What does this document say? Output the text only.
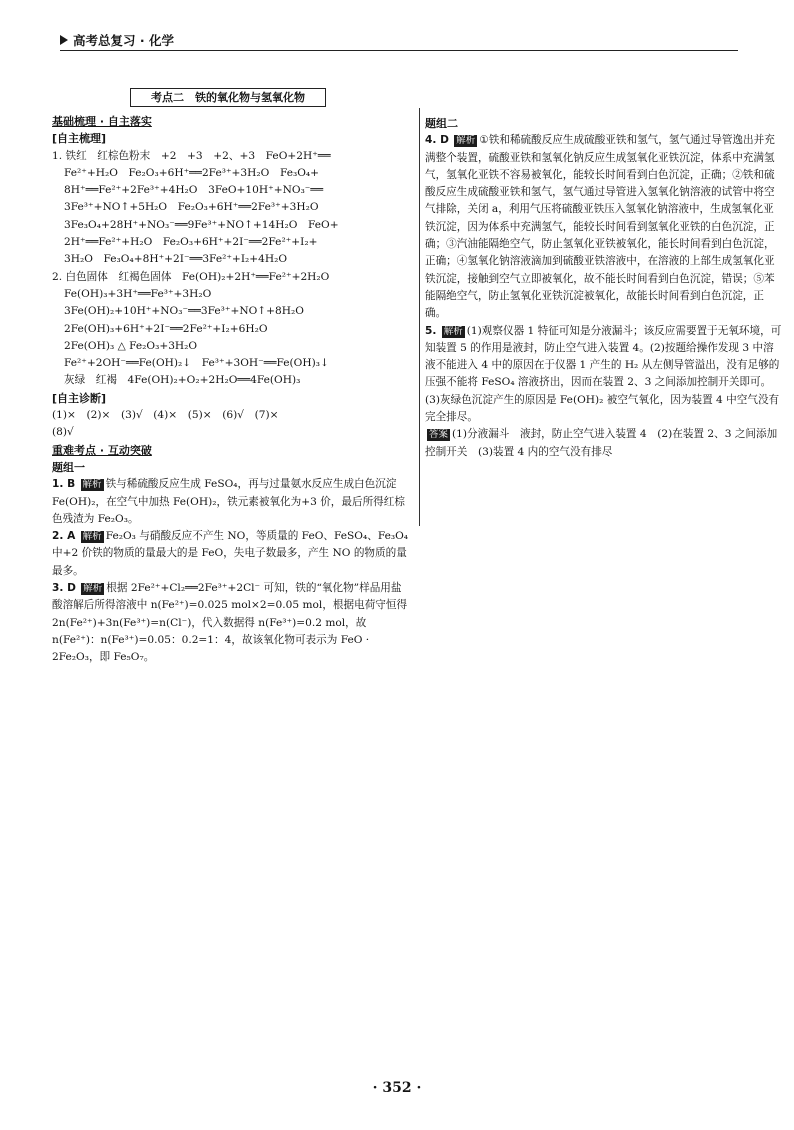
高考总复习 · 化学
考点二　铁的氧化物与氢氧化物
基础梳理 · 自主落实
[自主梳理]
1. 铁红　红棕色粉末　+2　+3　+2、+3　FeO+2H⁺══
Fe²⁺+H₂O　Fe₂O₃+6H⁺══2Fe³⁺+3H₂O　Fe₃O₄+
8H⁺══Fe²⁺+2Fe³⁺+4H₂O　3FeO+10H⁺+NO₃⁻══
3Fe³⁺+NO↑+5H₂O　Fe₂O₃+6H⁺══2Fe³⁺+3H₂O
3Fe₃O₄+28H⁺+NO₃⁻══9Fe³⁺+NO↑+14H₂O　FeO+
2H⁺══Fe²⁺+H₂O　Fe₂O₃+6H⁺+2I⁻══2Fe²⁺+I₂+
3H₂O　Fe₃O₄+8H⁺+2I⁻══3Fe²⁺+I₂+4H₂O
2. 白色固体　红褐色固体　Fe(OH)₂+2H⁺══Fe²⁺+2H₂O
Fe(OH)₃+3H⁺══Fe³⁺+3H₂O
3Fe(OH)₂+10H⁺+NO₃⁻══3Fe³⁺+NO↑+8H₂O
2Fe(OH)₃+6H⁺+2I⁻══2Fe²⁺+I₂+6H₂O
2Fe(OH)₃ △ Fe₂O₃+3H₂O
Fe²⁺+2OH⁻══Fe(OH)₂↓　Fe³⁺+3OH⁻══Fe(OH)₃↓
灰绿　红褐　4Fe(OH)₂+O₂+2H₂O══4Fe(OH)₃
[自主诊断]
(1)×　(2)×　(3)√　(4)×　(5)×　(6)√　(7)×
(8)√
重难考点 · 互动突破
题组一

1. B 解析 铁与稀硫酸反应生成 FeSO₄，再与过量氨水反应生成白色沉淀 Fe(OH)₂，在空气中加热 Fe(OH)₂，铁元素被氧化为+3 价，最后所得红棕色残渣为 Fe₂O₃。

2. A 解析 Fe₂O₃ 与硝酸反应不产生 NO，等质量的 FeO、FeSO₄、Fe₃O₄ 中+2 价铁的物质的量最大的是 FeO，失电子数最多，产生 NO 的物质的量最多。

3. D 解析 根据 2Fe²⁺+Cl₂══2Fe³⁺+2Cl⁻ 可知，铁的“氧化物”样品用盐酸溶解后所得溶液中 n(Fe²⁺)=0.025 mol×2=0.05 mol，根据电荷守恒得 2n(Fe²⁺)+3n(Fe³⁺)=n(Cl⁻)，代入数据得 n(Fe³⁺)=0.2 mol，故 n(Fe²⁺)：n(Fe³⁺)=0.05：0.2=1：4，故该氧化物可表示为 FeO · 2Fe₂O₃，即 Fe₅O₇。

题组二

4. D 解析 ①铁和稀硫酸反应生成硫酸亚铁和氢气，氢气通过导管逸出并充满整个装置，硫酸亚铁和氢氧化钠反应生成氢氧化亚铁沉淀，体系中充满氢气，氢氧化亚铁不容易被氧化，能较长时间看到白色沉淀，正确；②铁和硫酸反应生成硫酸亚铁和氢气，氢气通过导管进入氢氧化钠溶液的试管中将空气排除，关闭 a，利用气压将硫酸亚铁压入氢氧化钠溶液中，生成氢氧化亚铁沉淀，因为体系中充满氢气，能较长时间看到氢氧化亚铁的白色沉淀，正确；③汽油能隔绝空气，防止氢氧化亚铁被氧化，能长时间看到白色沉淀，正确；④氢氧化钠溶液滴加到硫酸亚铁溶液中，在溶液的上部生成氢氧化亚铁沉淀，接触到空气立即被氧化，故不能长时间看到白色沉淀，错误；⑤苯能隔绝空气，防止氢氧化亚铁沉淀被氧化，故能长时间看到白色沉淀，正确。

5. 解析 (1)观察仪器 1 特征可知是分液漏斗；该反应需要置于无氧环境，可知装置 5 的作用是液封，防止空气进入装置 4。(2)按题给操作发现 3 中溶液不能进入 4 中的原因在于仪器 1 产生的 H₂ 从左侧导管溢出，没有足够的压强不能将 FeSO₄ 溶液挤出，因而在装置 2、3 之间添加控制开关即可。(3)灰绿色沉淀产生的原因是 Fe(OH)₂ 被空气氧化，因为装置 4 中空气没有完全排尽。

答案 (1)分液漏斗　液封，防止空气进入装置 4　(2)在装置 2、3 之间添加控制开关　(3)装置 4 内的空气没有排尽

· 352 ·
